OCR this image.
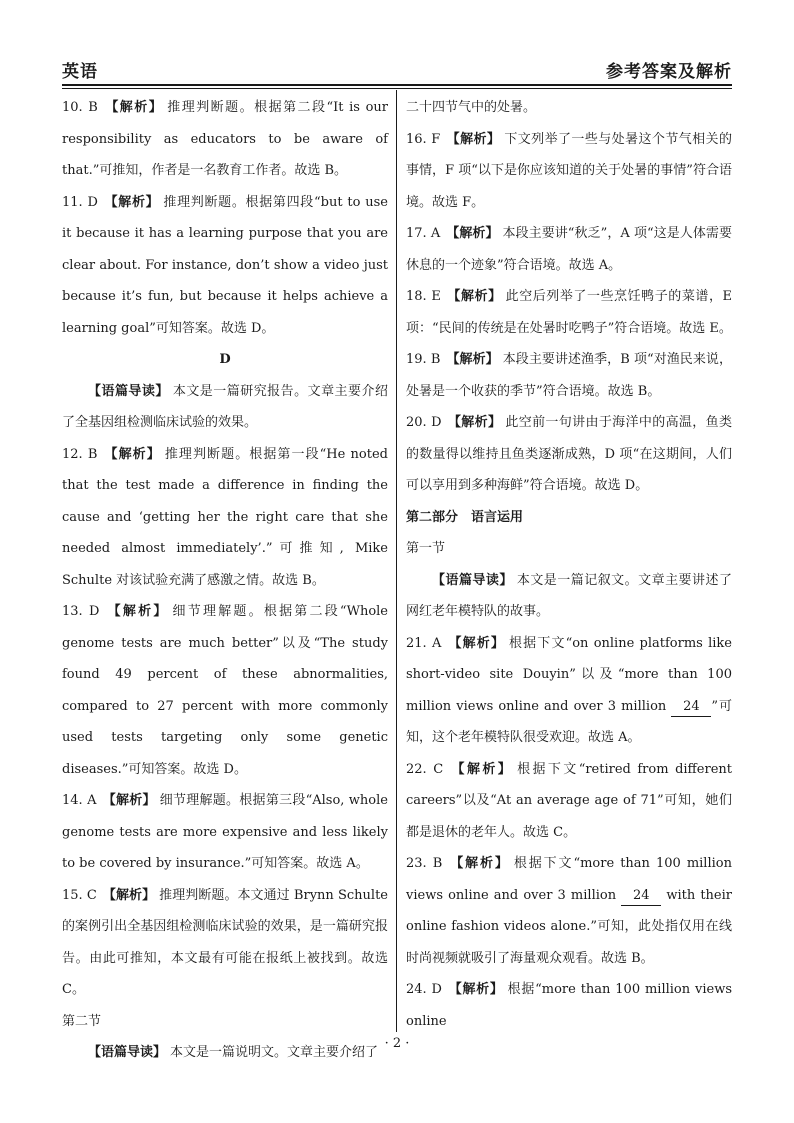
英语	参考答案及解析

10. B 【解析】 推理判断题。根据第二段“It is our responsibility as educators to be aware of that.”可推知，作者是一名教育工作者。故选 B。

11. D 【解析】 推理判断题。根据第四段“but to use it because it has a learning purpose that you are clear about. For instance, don’t show a video just because it’s fun, but because it helps achieve a learning goal”可知答案。故选 D。

D

【语篇导读】 本文是一篇研究报告。文章主要介绍了全基因组检测临床试验的效果。

12. B 【解析】 推理判断题。根据第一段“He noted that the test made a difference in finding the cause and ‘getting her the right care that she needed almost immediately’.”可推知, Mike Schulte 对该试验充满了感激之情。故选 B。

13. D 【解析】 细节理解题。根据第二段“Whole genome tests are much better”以及“The study found 49 percent of these abnormalities, compared to 27 percent with more commonly used tests targeting only some genetic diseases.”可知答案。故选 D。

14. A 【解析】 细节理解题。根据第三段“Also, whole genome tests are more expensive and less likely to be covered by insurance.”可知答案。故选 A。

15. C 【解析】 推理判断题。本文通过 Brynn Schulte 的案例引出全基因组检测临床试验的效果，是一篇研究报告。由此可推知，本文最有可能在报纸上被找到。故选 C。

第二节

【语篇导读】 本文是一篇说明文。文章主要介绍了

二十四节气中的处暑。

16. F 【解析】 下文列举了一些与处暑这个节气相关的事情，F 项“以下是你应该知道的关于处暑的事情”符合语境。故选 F。

17. A 【解析】 本段主要讲“秋乏”，A 项“这是人体需要休息的一个迹象”符合语境。故选 A。

18. E 【解析】 此空后列举了一些烹饪鸭子的菜谱，E 项：“民间的传统是在处暑时吃鸭子”符合语境。故选 E。

19. B 【解析】 本段主要讲述渔季，B 项“对渔民来说，处暑是一个收获的季节”符合语境。故选 B。

20. D 【解析】 此空前一句讲由于海洋中的高温，鱼类的数量得以维持且鱼类逐渐成熟，D 项“在这期间，人们可以享用到多种海鲜”符合语境。故选 D。

第二部分　语言运用

第一节

【语篇导读】 本文是一篇记叙文。文章主要讲述了网红老年模特队的故事。

21. A 【解析】 根据下文“on online platforms like short-video site Douyin”以及“more than 100 million views online and over 3 million 24 ”可知，这个老年模特队很受欢迎。故选 A。

22. C 【解析】 根据下文“retired from different careers”以及“At an average age of 71”可知，她们都是退休的老年人。故选 C。

23. B 【解析】 根据下文“more than 100 million views online and over 3 million 24 with their online fashion videos alone.”可知，此处指仅用在线时尚视频就吸引了海量观众观看。故选 B。

24. D 【解析】 根据“more than 100 million views online

· 2 ·
